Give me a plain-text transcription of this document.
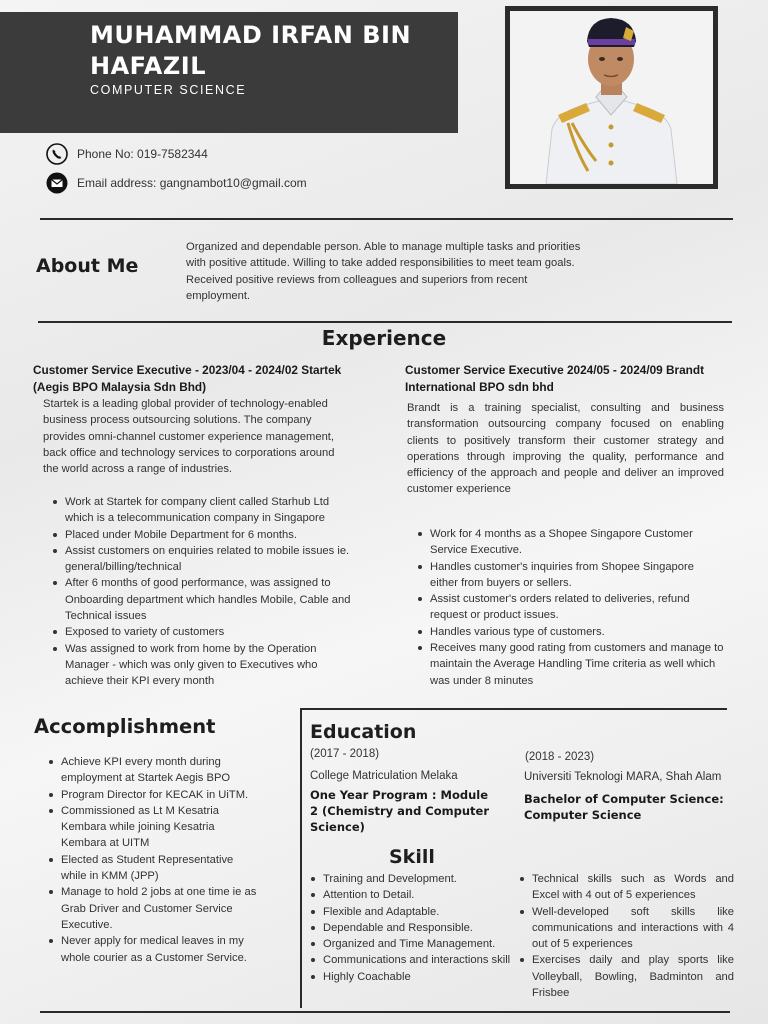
MUHAMMAD IRFAN BIN HAFAZIL
COMPUTER SCIENCE
Phone No: 019-7582344
Email address: gangnambot10@gmail.com
About Me
Organized and dependable person. Able to manage multiple tasks and priorities with positive attitude. Willing to take added responsibilities to meet team goals. Received positive reviews from colleagues and superiors from recent employment.
Experience
Customer Service Executive - 2023/04 - 2024/02 Startek (Aegis BPO Malaysia Sdn Bhd)
Startek is a leading global provider of technology-enabled business process outsourcing solutions. The company provides omni-channel customer experience management, back office and technology services to corporations around the world across a range of industries.
Work at Startek for company client called Starhub Ltd which is a telecommunication company in Singapore
Placed under Mobile Department for 6 months.
Assist customers on enquiries related to mobile issues ie. general/billing/technical
After 6 months of good performance, was assigned to Onboarding department which handles Mobile, Cable and Technical issues
Exposed to variety of customers
Was assigned to work from home by the Operation Manager - which was only given to Executives who achieve their KPI every month
Customer Service Executive 2024/05 - 2024/09 Brandt International BPO sdn bhd
Brandt is a training specialist, consulting and business transformation outsourcing company focused on enabling clients to positively transform their customer strategy and operations through improving the quality, performance and efficiency of the approach and people and deliver an improved customer experience
Work for 4 months as a Shopee Singapore Customer Service Executive.
Handles customer's inquiries from Shopee Singapore either from buyers or sellers.
Assist customer's orders related to deliveries, refund request or product issues.
Handles various type of customers.
Receives many good rating from customers and manage to maintain the Average Handling Time criteria as well which was under 8 minutes
Accomplishment
Achieve KPI every month during employment at Startek Aegis BPO
Program Director for KECAK in UiTM.
Commissioned as Lt M Kesatria Kembara while joining Kesatria Kembara at UITM
Elected as Student Representative while in KMM (JPP)
Manage to hold 2 jobs at one time ie as Grab Driver and Customer Service Executive.
Never apply for medical leaves in my whole courier as a Customer Service.
Education
(2017 - 2018)
College Matriculation Melaka
One Year Program : Module 2 (Chemistry and Computer Science)
(2018 - 2023)
Universiti Teknologi MARA, Shah Alam
Bachelor of Computer Science: Computer Science
Skill
Training and Development.
Attention to Detail.
Flexible and Adaptable.
Dependable and Responsible.
Organized and Time Management.
Communications and interactions skill
Highly Coachable
Technical skills such as Words and Excel with 4 out of 5 experiences
Well-developed soft skills like communications and interactions with 4 out of 5 experiences
Exercises daily and play sports like Volleyball, Bowling, Badminton and Frisbee
